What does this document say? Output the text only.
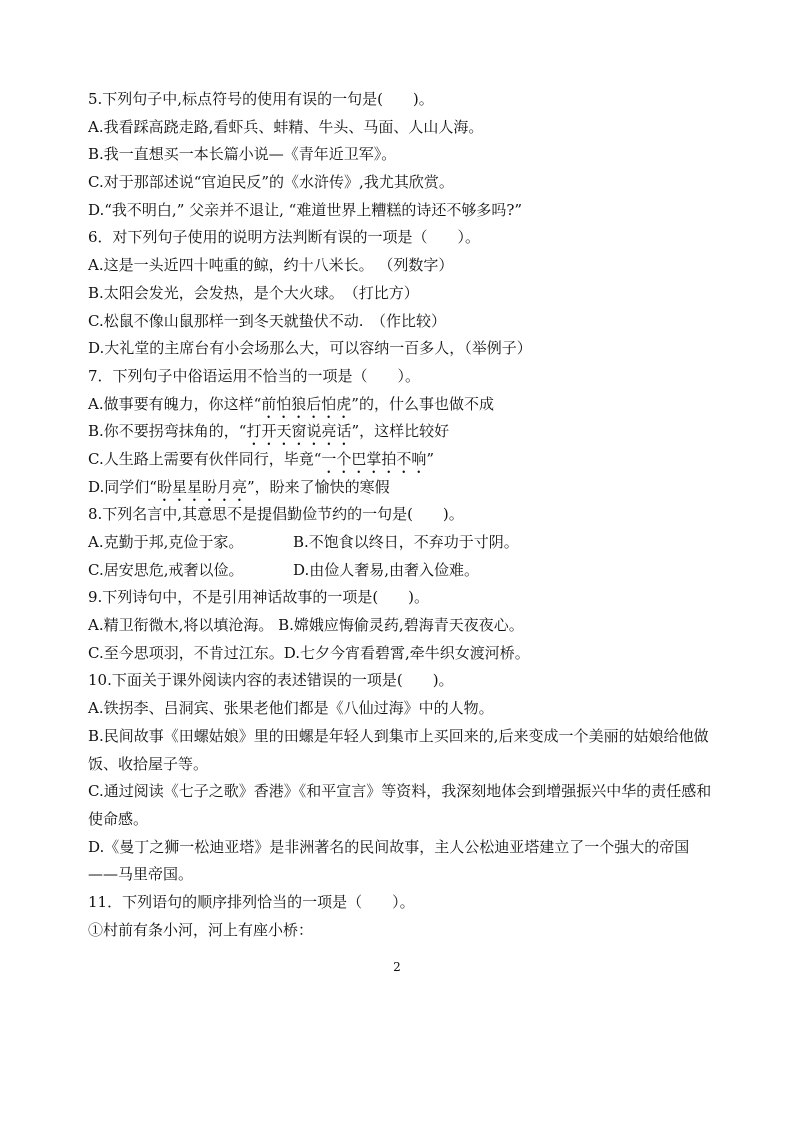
5.下列句子中,标点符号的使用有误的一句是(　　)。
A.我看踩高跷走路,看虾兵、蚌精、牛头、马面、人山人海。
B.我一直想买一本长篇小说—《青年近卫军》。
C.对于那部述说“官迫民反”的《水浒传》,我尤其欣赏。
D.“我不明白,” 父亲并不退让, “难道世界上糟糕的诗还不够多吗?”
6．对下列句子使用的说明方法判断有误的一项是（　　）。
A.这是一头近四十吨重的鲸，约十八米长。 （列数字）
B.太阳会发光，会发热，是个大火球。　（打比方）
C.松鼠不像山鼠那样一到冬天就蛰伏不动.　（作比较）
D.大礼堂的主席台有小会场那么大，可以容纳一百多人，（举例子）
7．下列句子中俗语运用不恰当的一项是（　　）。
A.做事要有魄力，你这样“前怕狼后怕虎”的，什么事也做不成
B.你不要拐弯抹角的，“打开天窗说亮话”，这样比较好
C.人生路上需要有伙伴同行，毕竟“一个巴掌拍不响”
D.同学们“盼星星盼月亮”，盼来了愉快的寒假
8.下列名言中,其意思不是提倡勤俭节约的一句是(　　)。
A.克勤于邦,克俭于家。	B.不饱食以终日，不弃功于寸阴。
C.居安思危,戒奢以俭。	D.由俭人奢易,由奢入俭难。
9.下列诗句中，不是引用神话故事的一项是(　　)。
A.精卫衔微木,将以填沧海。 B.嫦娥应悔偷灵药,碧海青天夜夜心。
C.至今思项羽，不肯过江东。D.七夕今宵看碧霄,牵牛织女渡河桥。
10.下面关于课外阅读内容的表述错误的一项是(　　)。
A.铁拐李、吕洞宾、张果老他们都是《八仙过海》中的人物。
B.民间故事《田螺姑娘》里的田螺是年轻人到集市上买回来的,后来变成一个美丽的姑娘给他做饭、收拾屋子等。
C.通过阅读《七子之歌》香港》《和平宣言》等资料，我深刻地体会到增强振兴中华的责任感和使命感。
D.《曼丁之狮一松迪亚塔》是非洲著名的民间故事，主人公松迪亚塔建立了一个强大的帝国——马里帝国。
11．下列语句的顺序排列恰当的一项是（　　）。
①村前有条小河，河上有座小桥：
2
